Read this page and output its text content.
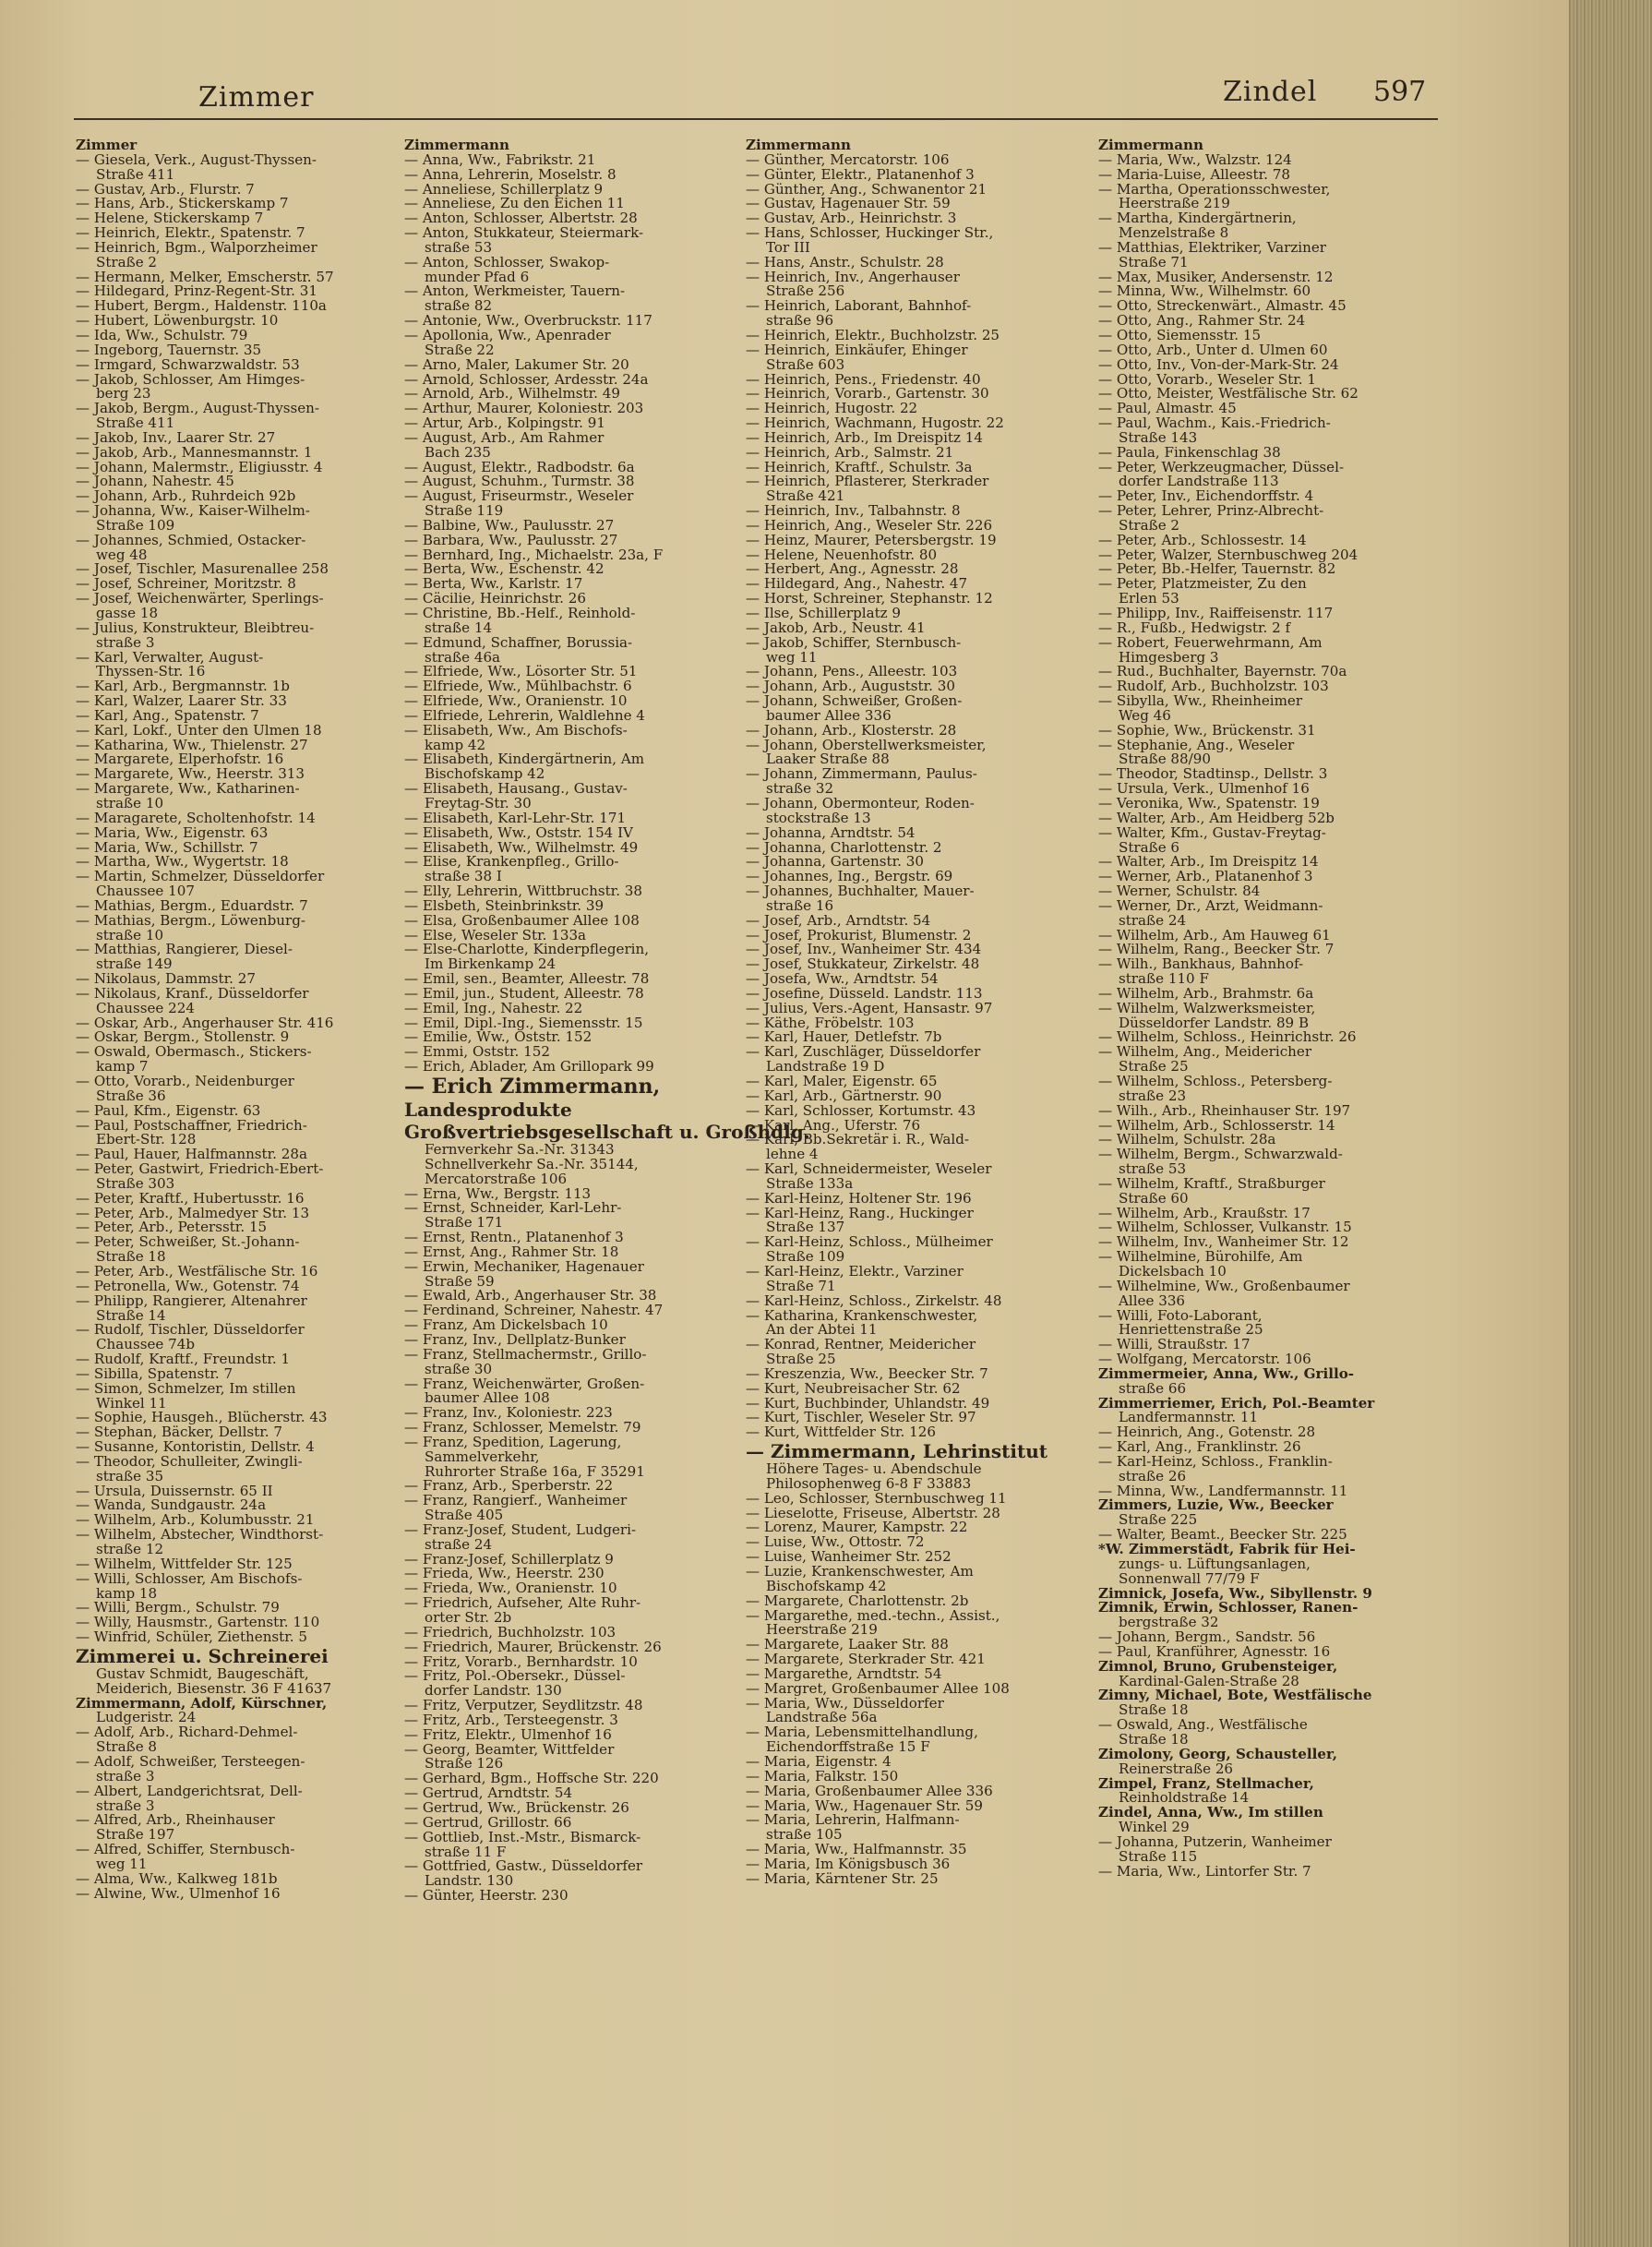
Zimmer	Zindel 597
Zimmer
— Giesela, Verk., August-Thyssen-
Straße 411
— Gustav, Arb., Flurstr. 7
— Hans, Arb., Stickerskamp 7
— Helene, Stickerskamp 7
— Heinrich, Elektr., Spatenstr. 7
— Heinrich, Bgm., Walporzheimer
Straße 2
— Hermann, Melker, Emscherstr. 57
— Hildegard, Prinz-Regent-Str. 31
— Hubert, Bergm., Haldenstr. 110a
— Hubert, Löwenburgstr. 10
— Ida, Ww., Schulstr. 79
— Ingeborg, Tauernstr. 35
— Irmgard, Schwarzwaldstr. 53
— Jakob, Schlosser, Am Himges-
berg 23
— Jakob, Bergm., August-Thyssen-
Straße 411
— Jakob, Inv., Laarer Str. 27
— Jakob, Arb., Mannesmannstr. 1
— Johann, Malermstr., Eligiusstr. 4
— Johann, Nahestr. 45
— Johann, Arb., Ruhrdeich 92b
— Johanna, Ww., Kaiser-Wilhelm-
Straße 109
— Johannes, Schmied, Ostacker-
weg 48
— Josef, Tischler, Masurenallee 258
— Josef, Schreiner, Moritzstr. 8
— Josef, Weichenwärter, Sperlings-
gasse 18
— Julius, Konstrukteur, Bleibtreu-
straße 3
— Karl, Verwalter, August-
Thyssen-Str. 16
— Karl, Arb., Bergmannstr. 1b
— Karl, Walzer, Laarer Str. 33
— Karl, Ang., Spatenstr. 7
— Karl, Lokf., Unter den Ulmen 18
— Katharina, Ww., Thielenstr. 27
— Margarete, Elperhofstr. 16
— Margarete, Ww., Heerstr. 313
— Margarete, Ww., Katharinen-
straße 10
— Maragarete, Scholtenhofstr. 14
— Maria, Ww., Eigenstr. 63
— Maria, Ww., Schillstr. 7
— Martha, Ww., Wygertstr. 18
— Martin, Schmelzer, Düsseldorfer
Chaussee 107
— Mathias, Bergm., Eduardstr. 7
— Mathias, Bergm., Löwenburg-
straße 10
— Matthias, Rangierer, Diesel-
straße 149
— Nikolaus, Dammstr. 27
— Nikolaus, Kranf., Düsseldorfer
Chaussee 224
— Oskar, Arb., Angerhauser Str. 416
— Oskar, Bergm., Stollenstr. 9
— Oswald, Obermasch., Stickers-
kamp 7
— Otto, Vorarb., Neidenburger
Straße 36
— Paul, Kfm., Eigenstr. 63
— Paul, Postschaffner, Friedrich-
Ebert-Str. 128
— Paul, Hauer, Halfmannstr. 28a
— Peter, Gastwirt, Friedrich-Ebert-
Straße 303
— Peter, Kraftf., Hubertusstr. 16
— Peter, Arb., Malmedyer Str. 13
— Peter, Arb., Petersstr. 15
— Peter, Schweißer, St.-Johann-
Straße 18
— Peter, Arb., Westfälische Str. 16
— Petronella, Ww., Gotenstr. 74
— Philipp, Rangierer, Altenahrer
Straße 14
— Rudolf, Tischler, Düsseldorfer
Chaussee 74b
— Rudolf, Kraftf., Freundstr. 1
— Sibilla, Spatenstr. 7
— Simon, Schmelzer, Im stillen
Winkel 11
— Sophie, Hausgeh., Blücherstr. 43
— Stephan, Bäcker, Dellstr. 7
— Susanne, Kontoristin, Dellstr. 4
— Theodor, Schulleiter, Zwingli-
straße 35
— Ursula, Duissernstr. 65 II
— Wanda, Sundgaustr. 24a
— Wilhelm, Arb., Kolumbusstr. 21
— Wilhelm, Abstecher, Windthorst-
straße 12
— Wilhelm, Wittfelder Str. 125
— Willi, Schlosser, Am Bischofs-
kamp 18
— Willi, Bergm., Schulstr. 79
— Willy, Hausmstr., Gartenstr. 110
— Winfrid, Schüler, Ziethenstr. 5
Zimmerei u. Schreinerei
Gustav Schmidt, Baugeschäft,
Meiderich, Biesenstr. 36 F 41637
Zimmermann, Adolf, Kürschner,
Ludgeristr. 24
— Adolf, Arb., Richard-Dehmel-
Straße 8
— Adolf, Schweißer, Tersteegen-
straße 3
— Albert, Landgerichtsrat, Dell-
straße 3
— Alfred, Arb., Rheinhauser
Straße 197
— Alfred, Schiffer, Sternbusch-
weg 11
— Alma, Ww., Kalkweg 181b
— Alwine, Ww., Ulmenhof 16
Zimmermann
— Anna, Ww., Fabrikstr. 21
— Anna, Lehrerin, Moselstr. 8
— Anneliese, Schillerplatz 9
— Anneliese, Zu den Eichen 11
— Anton, Schlosser, Albertstr. 28
— Anton, Stukkateur, Steiermark-
straße 53
— Anton, Schlosser, Swakop-
munder Pfad 6
— Anton, Werkmeister, Tauern-
straße 82
— Antonie, Ww., Overbruckstr. 117
— Apollonia, Ww., Apenrader
Straße 22
— Arno, Maler, Lakumer Str. 20
— Arnold, Schlosser, Ardesstr. 24a
— Arnold, Arb., Wilhelmstr. 49
— Arthur, Maurer, Koloniestr. 203
— Artur, Arb., Kolpingstr. 91
— August, Arb., Am Rahmer
Bach 235
— August, Elektr., Radbodstr. 6a
— August, Schuhm., Turmstr. 38
— August, Friseurmstr., Weseler
Straße 119
— Balbine, Ww., Paulusstr. 27
— Barbara, Ww., Paulusstr. 27
— Bernhard, Ing., Michaelstr. 23a, F
— Berta, Ww., Eschenstr. 42
— Berta, Ww., Karlstr. 17
— Cäcilie, Heinrichstr. 26
— Christine, Bb.-Helf., Reinhold-
straße 14
— Edmund, Schaffner, Borussia-
straße 46a
— Elfriede, Ww., Lösorter Str. 51
— Elfriede, Ww., Mühlbachstr. 6
— Elfriede, Ww., Oranienstr. 10
— Elfriede, Lehrerin, Waldlehne 4
— Elisabeth, Ww., Am Bischofs-
kamp 42
— Elisabeth, Kindergärtnerin, Am
Bischofskamp 42
— Elisabeth, Hausang., Gustav-
Freytag-Str. 30
— Elisabeth, Karl-Lehr-Str. 171
— Elisabeth, Ww., Oststr. 154 IV
— Elisabeth, Ww., Wilhelmstr. 49
— Elise, Krankenpfleg., Grillo-
straße 38 I
— Elly, Lehrerin, Wittbruchstr. 38
— Elsbeth, Steinbrinkstr. 39
— Elsa, Großenbaumer Allee 108
— Else, Weseler Str. 133a
— Else-Charlotte, Kinderpflegerin,
Im Birkenkamp 24
— Emil, sen., Beamter, Alleestr. 78
— Emil, jun., Student, Alleestr. 78
— Emil, Ing., Nahestr. 22
— Emil, Dipl.-Ing., Siemensstr. 15
— Emilie, Ww., Oststr. 152
— Emmi, Oststr. 152
— Erich, Ablader, Am Grillopark 99
— Erich Zimmermann,
Landesprodukte
Großvertriebsgesellschaft u. Großhdlg.
Fernverkehr Sa.-Nr. 31343
Schnellverkehr Sa.-Nr. 35144,
Mercatorstraße 106
— Erna, Ww., Bergstr. 113
— Ernst, Schneider, Karl-Lehr-
Straße 171
— Ernst, Rentn., Platanenhof 3
— Ernst, Ang., Rahmer Str. 18
— Erwin, Mechaniker, Hagenauer
Straße 59
— Ewald, Arb., Angerhauser Str. 38
— Ferdinand, Schreiner, Nahestr. 47
— Franz, Am Dickelsbach 10
— Franz, Inv., Dellplatz-Bunker
— Franz, Stellmachermstr., Grillo-
straße 30
— Franz, Weichenwärter, Großen-
baumer Allee 108
— Franz, Inv., Koloniestr. 223
— Franz, Schlosser, Memelstr. 79
— Franz, Spedition, Lagerung,
Sammelverkehr,
Ruhrorter Straße 16a, F 35291
— Franz, Arb., Sperberstr. 22
— Franz, Rangierf., Wanheimer
Straße 405
— Franz-Josef, Student, Ludgeri-
straße 24
— Franz-Josef, Schillerplatz 9
— Frieda, Ww., Heerstr. 230
— Frieda, Ww., Oranienstr. 10
— Friedrich, Aufseher, Alte Ruhr-
orter Str. 2b
— Friedrich, Buchholzstr. 103
— Friedrich, Maurer, Brückenstr. 26
— Fritz, Vorarb., Bernhardstr. 10
— Fritz, Pol.-Obersekr., Düssel-
dorfer Landstr. 130
— Fritz, Verputzer, Seydlitzstr. 48
— Fritz, Arb., Tersteegenstr. 3
— Fritz, Elektr., Ulmenhof 16
— Georg, Beamter, Wittfelder
Straße 126
— Gerhard, Bgm., Hoffsche Str. 220
— Gertrud, Arndtstr. 54
— Gertrud, Ww., Brückenstr. 26
— Gertrud, Grillostr. 66
— Gottlieb, Inst.-Mstr., Bismarck-
straße 11 F
— Gottfried, Gastw., Düsseldorfer
Landstr. 130
— Günter, Heerstr. 230
Zimmermann
— Günther, Mercatorstr. 106
— Günter, Elektr., Platanenhof 3
— Günther, Ang., Schwanentor 21
— Gustav, Hagenauer Str. 59
— Gustav, Arb., Heinrichstr. 3
— Hans, Schlosser, Huckinger Str.,
Tor III
— Hans, Anstr., Schulstr. 28
— Heinrich, Inv., Angerhauser
Straße 256
— Heinrich, Laborant, Bahnhof-
straße 96
— Heinrich, Elektr., Buchholzstr. 25
— Heinrich, Einkäufer, Ehinger
Straße 603
— Heinrich, Pens., Friedenstr. 40
— Heinrich, Vorarb., Gartenstr. 30
— Heinrich, Hugostr. 22
— Heinrich, Wachmann, Hugostr. 22
— Heinrich, Arb., Im Dreispitz 14
— Heinrich, Arb., Salmstr. 21
— Heinrich, Kraftf., Schulstr. 3a
— Heinrich, Pflasterer, Sterkrader
Straße 421
— Heinrich, Inv., Talbahnstr. 8
— Heinrich, Ang., Weseler Str. 226
— Heinz, Maurer, Petersbergstr. 19
— Helene, Neuenhofstr. 80
— Herbert, Ang., Agnesstr. 28
— Hildegard, Ang., Nahestr. 47
— Horst, Schreiner, Stephanstr. 12
— Ilse, Schillerplatz 9
— Jakob, Arb., Neustr. 41
— Jakob, Schiffer, Sternbusch-
weg 11
— Johann, Pens., Alleestr. 103
— Johann, Arb., Auguststr. 30
— Johann, Schweißer, Großen-
baumer Allee 336
— Johann, Arb., Klosterstr. 28
— Johann, Oberstellwerksmeister,
Laaker Straße 88
— Johann, Zimmermann, Paulus-
straße 32
— Johann, Obermonteur, Roden-
stockstraße 13
— Johanna, Arndtstr. 54
— Johanna, Charlottenstr. 2
— Johanna, Gartenstr. 30
— Johannes, Ing., Bergstr. 69
— Johannes, Buchhalter, Mauer-
straße 16
— Josef, Arb., Arndtstr. 54
— Josef, Prokurist, Blumenstr. 2
— Josef, Inv., Wanheimer Str. 434
— Josef, Stukkateur, Zirkelstr. 48
— Josefa, Ww., Arndtstr. 54
— Josefine, Düsseld. Landstr. 113
— Julius, Vers.-Agent, Hansastr. 97
— Käthe, Fröbelstr. 103
— Karl, Hauer, Detlefstr. 7b
— Karl, Zuschläger, Düsseldorfer
Landstraße 19 D
— Karl, Maler, Eigenstr. 65
— Karl, Arb., Gärtnerstr. 90
— Karl, Schlosser, Kortumstr. 43
— Karl, Ang., Uferstr. 76
— Karl, Bb.Sekretär i. R., Wald-
lehne 4
— Karl, Schneidermeister, Weseler
Straße 133a
— Karl-Heinz, Holtener Str. 196
— Karl-Heinz, Rang., Huckinger
Straße 137
— Karl-Heinz, Schloss., Mülheimer
Straße 109
— Karl-Heinz, Elektr., Varziner
Straße 71
— Karl-Heinz, Schloss., Zirkelstr. 48
— Katharina, Krankenschwester,
An der Abtei 11
— Konrad, Rentner, Meidericher
Straße 25
— Kreszenzia, Ww., Beecker Str. 7
— Kurt, Neubreisacher Str. 62
— Kurt, Buchbinder, Uhlandstr. 49
— Kurt, Tischler, Weseler Str. 97
— Kurt, Wittfelder Str. 126
— Zimmermann, Lehrinstitut
Höhere Tages- u. Abendschule
Philosophenweg 6-8 F 33883
— Leo, Schlosser, Sternbuschweg 11
— Lieselotte, Friseuse, Albertstr. 28
— Lorenz, Maurer, Kampstr. 22
— Luise, Ww., Ottostr. 72
— Luise, Wanheimer Str. 252
— Luzie, Krankenschwester, Am
Bischofskamp 42
— Margarete, Charlottenstr. 2b
— Margarethe, med.-techn., Assist.,
Heerstraße 219
— Margarete, Laaker Str. 88
— Margarete, Sterkrader Str. 421
— Margarethe, Arndtstr. 54
— Margret, Großenbaumer Allee 108
— Maria, Ww., Düsseldorfer
Landstraße 56a
— Maria, Lebensmittelhandlung,
Eichendorffstraße 15 F
— Maria, Eigenstr. 4
— Maria, Falkstr. 150
— Maria, Großenbaumer Allee 336
— Maria, Ww., Hagenauer Str. 59
— Maria, Lehrerin, Halfmann-
straße 105
— Maria, Ww., Halfmannstr. 35
— Maria, Im Königsbusch 36
— Maria, Kärntener Str. 25
Zimmermann
— Maria, Ww., Walzstr. 124
— Maria-Luise, Alleestr. 78
— Martha, Operationsschwester,
Heerstraße 219
— Martha, Kindergärtnerin,
Menzelstraße 8
— Matthias, Elektriker, Varziner
Straße 71
— Max, Musiker, Andersenstr. 12
— Minna, Ww., Wilhelmstr. 60
— Otto, Streckenwärt., Almastr. 45
— Otto, Ang., Rahmer Str. 24
— Otto, Siemensstr. 15
— Otto, Arb., Unter d. Ulmen 60
— Otto, Inv., Von-der-Mark-Str. 24
— Otto, Vorarb., Weseler Str. 1
— Otto, Meister, Westfälische Str. 62
— Paul, Almastr. 45
— Paul, Wachm., Kais.-Friedrich-
Straße 143
— Paula, Finkenschlag 38
— Peter, Werkzeugmacher, Düssel-
dorfer Landstraße 113
— Peter, Inv., Eichendorffstr. 4
— Peter, Lehrer, Prinz-Albrecht-
Straße 2
— Peter, Arb., Schlossestr. 14
— Peter, Walzer, Sternbuschweg 204
— Peter, Bb.-Helfer, Tauernstr. 82
— Peter, Platzmeister, Zu den
Erlen 53
— Philipp, Inv., Raiffeisenstr. 117
— R., Fußb., Hedwigstr. 2 f
— Robert, Feuerwehrmann, Am
Himgesberg 3
— Rud., Buchhalter, Bayernstr. 70a
— Rudolf, Arb., Buchholzstr. 103
— Sibylla, Ww., Rheinheimer
Weg 46
— Sophie, Ww., Brückenstr. 31
— Stephanie, Ang., Weseler
Straße 88/90
— Theodor, Stadtinsp., Dellstr. 3
— Ursula, Verk., Ulmenhof 16
— Veronika, Ww., Spatenstr. 19
— Walter, Arb., Am Heidberg 52b
— Walter, Kfm., Gustav-Freytag-
Straße 6
— Walter, Arb., Im Dreispitz 14
— Werner, Arb., Platanenhof 3
— Werner, Schulstr. 84
— Werner, Dr., Arzt, Weidmann-
straße 24
— Wilhelm, Arb., Am Hauweg 61
— Wilhelm, Rang., Beecker Str. 7
— Wilh., Bankhaus, Bahnhof-
straße 110 F
— Wilhelm, Arb., Brahmstr. 6a
— Wilhelm, Walzwerksmeister,
Düsseldorfer Landstr. 89 B
— Wilhelm, Schloss., Heinrichstr. 26
— Wilhelm, Ang., Meidericher
Straße 25
— Wilhelm, Schloss., Petersberg-
straße 23
— Wilh., Arb., Rheinhauser Str. 197
— Wilhelm, Arb., Schlosserstr. 14
— Wilhelm, Schulstr. 28a
— Wilhelm, Bergm., Schwarzwald-
straße 53
— Wilhelm, Kraftf., Straßburger
Straße 60
— Wilhelm, Arb., Kraußstr. 17
— Wilhelm, Schlosser, Vulkanstr. 15
— Wilhelm, Inv., Wanheimer Str. 12
— Wilhelmine, Bürohilfe, Am
Dickelsbach 10
— Wilhelmine, Ww., Großenbaumer
Allee 336
— Willi, Foto-Laborant,
Henriettenstraße 25
— Willi, Straußstr. 17
— Wolfgang, Mercatorstr. 106
Zimmermeier, Anna, Ww., Grillo-
straße 66
Zimmerriemer, Erich, Pol.-Beamter
Landfermannstr. 11
— Heinrich, Ang., Gotenstr. 28
— Karl, Ang., Franklinstr. 26
— Karl-Heinz, Schloss., Franklin-
straße 26
— Minna, Ww., Landfermannstr. 11
Zimmers, Luzie, Ww., Beecker
Straße 225
— Walter, Beamt., Beecker Str. 225
*W. Zimmerstädt, Fabrik für Hei-
zungs- u. Lüftungsanlagen,
Sonnenwall 77/79 F
Zimnick, Josefa, Ww., Sibyllenstr. 9
Zimnik, Erwin, Schlosser, Ranen-
bergstraße 32
— Johann, Bergm., Sandstr. 56
— Paul, Kranführer, Agnesstr. 16
Zimnol, Bruno, Grubensteiger,
Kardinal-Galen-Straße 28
Zimny, Michael, Bote, Westfälische
Straße 18
— Oswald, Ang., Westfälische
Straße 18
Zimolony, Georg, Schausteller,
Reinerstraße 26
Zimpel, Franz, Stellmacher,
Reinholdstraße 14
Zindel, Anna, Ww., Im stillen
Winkel 29
— Johanna, Putzerin, Wanheimer
Straße 115
— Maria, Ww., Lintorfer Str. 7
